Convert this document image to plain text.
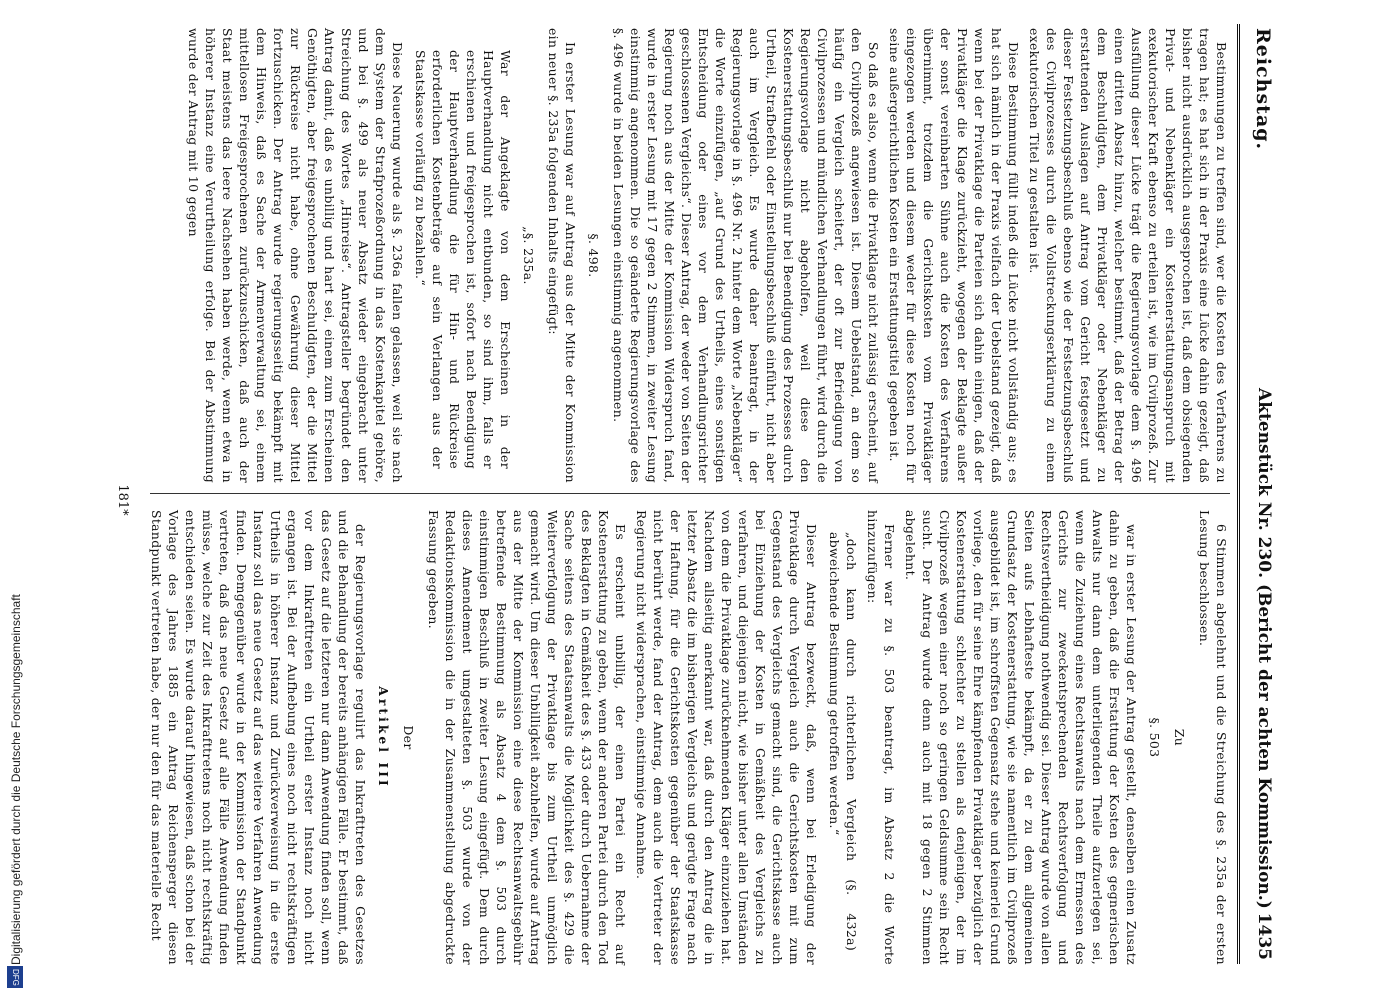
Reichstag.
Aktenstück Nr. 230. (Bericht der achten Kommission.)
1435

Bestimmungen zu treffen sind, wer die Kosten des Verfahrens zu tragen hat; es hat sich in der Praxis eine Lücke dahin gezeigt, daß bisher nicht ausdrücklich ausgesprochen ist, daß dem obsiegenden Privat- und Nebenkläger ein Kostenerstattungsanspruch mit exekutorischer Kraft ebenso zu erteilen ist, wie im Civilprozeß. Zur Ausfüllung dieser Lücke trägt die Regierungsvorlage dem §. 496 einen dritten Absatz hinzu, welcher bestimmt, daß der Betrag der dem Beschuldigten, dem Privatkläger oder Nebenkläger zu erstattenden Auslagen auf Antrag vom Gericht festgesetzt und dieser Festsetzungsbeschluß ebenso wie der Festsetzungsbeschluß des Civilprozesses durch die Vollstreckungserklärung zu einem exekutorischen Titel zu gestalten ist.

Diese Bestimmung füllt indeß die Lücke nicht vollständig aus; es hat sich nämlich in der Praxis vielfach der Uebelstand gezeigt, daß wenn bei der Privatklage die Parteien sich dahin einigen, daß der Privatkläger die Klage zurückzieht, wogegen der Beklagte außer der sonst vereinbarten Sühne auch die Kosten des Verfahrens übernimmt, trotzdem die Gerichtskosten vom Privatkläger eingezogen werden und diesem weder für diese Kosten noch für seine außergerichtlichen Kosten ein Erstattungstitel gegeben ist.

So daß es also, wenn die Privatklage nicht zulässig erscheint, auf den Civilprozeß angewiesen ist. Diesem Uebelstand, an dem so häufig ein Vergleich scheitert, der oft zur Befriedigung von Civilprozessen und mündlichen Verhandlungen führt, wird durch die Regierungsvorlage nicht abgeholfen, weil diese den Kostenerstattungsbeschluß nur bei Beendigung des Prozesses durch Urtheil, Strafbefehl oder Einstellungsbeschluß einführt, nicht aber auch im Vergleich. Es wurde daher beantragt, in der Regierungsvorlage in §. 496 Nr. 2 hinter dem Worte „Nebenkläger“ die Worte einzufügen, „auf Grund des Urtheils, eines sonstigen Entscheidung oder eines vor dem Verhandlungsrichter geschlossenen Vergleichs“. Dieser Antrag, der weder von Seiten der Regierung noch aus der Mitte der Kommission Widerspruch fand, wurde in erster Lesung mit 17 gegen 2 Stimmen, in zweiter Lesung einstimmig angenommen. Die so geänderte Regierungsvorlage des §. 496 wurde in beiden Lesungen einstimmig angenommen.

§. 498.

In erster Lesung war auf Antrag aus der Mitte der Kommission ein neuer §. 235a folgenden Inhalts eingefügt:

„§. 235a.

War der Angeklagte von dem Erscheinen in der Hauptverhandlung nicht entbunden, so sind ihm, falls er erschienen und freigesprochen ist, sofort nach Beendigung der Hauptverhandlung die für Hin- und Rückreise erforderlichen Kostenbeträge auf sein Verlangen aus der Staatskasse vorläufig zu bezahlen.“

Diese Neuerung wurde als §. 236a fallen gelassen, weil sie nach dem System der Strafprozeßordnung in das Kostenkapitel gehöre, und bei §. 499 als neuer Absatz wieder eingebracht unter Streichung des Wortes „Hinreise“. Antragsteller begründet den Antrag damit, daß es unbillig und hart sei, einem zum Erscheinen Genöthigten, aber freigesprochenen Beschuldigten, der die Mittel zur Rückreise nicht habe, ohne Gewährung dieser Mittel fortzuschicken. Der Antrag wurde regierungsseitig bekämpft mit dem Hinweis, daß es Sache der Armenverwaltung sei, einem mittellosen Freigesprochenen zurückzuschicken, daß auch der Staat meistens das leere Nachsehen haben werde, wenn etwa in höherer Instanz eine Verurtheilung erfolge. Bei der Abstimmung wurde der Antrag mit 10 gegen

6 Stimmen abgelehnt und die Streichung des §. 235a der ersten Lesung beschlossen.

Zu

§. 503

war in erster Lesung der Antrag gestellt, denselben einen Zusatz dahin zu geben, daß die Erstattung der Kosten des gegnerischen Anwalts nur dann dem unterliegenden Theile aufzuerlegen sei, wenn die Zuziehung eines Rechtsanwalts nach dem Ermessen des Gerichts zur zweckentsprechenden Rechtsverfolgung und Rechtsvertheidigung nothwendig sei. Dieser Antrag wurde von allen Seiten aufs Lebhafteste bekämpft, da er zu dem allgemeinen Grundsatz der Kostenerstattung, wie sie namentlich im Civilprozeß ausgebildet ist, im schroffsten Gegensatz stehe und keinerlei Grund vorliege, den für seine Ehre kämpfenden Privatkläger bezüglich der Kostenerstattung schlechter zu stellen als denjenigen, der im Civilprozeß wegen einer noch so geringen Geldsumme sein Recht sucht. Der Antrag wurde denn auch mit 18 gegen 2 Stimmen abgelehnt.

Ferner war zu §. 503 beantragt, im Absatz 2 die Worte hinzuzufügen:

„doch kann durch richterlichen Vergleich (§. 432a) abweichende Bestimmung getroffen werden.“

Dieser Antrag bezweckt, daß, wenn bei Erledigung der Privatklage durch Vergleich auch die Gerichtskosten mit zum Gegenstand des Vergleichs gemacht sind, die Gerichtskasse auch bei Einziehung der Kosten in Gemäßheit des Vergleichs zu verfahren, und diejenigen nicht, wie bisher unter allen Umständen von dem die Privatklage zurücknehmenden Kläger einzuziehen hat. Nachdem allseitig anerkannt war, daß durch den Antrag die in letzter Absatz die im bisherigen Vergleichs und gerügte Frage nach der Haftung, für die Gerichtskosten gegenüber der Staatskasse nicht berührt werde, fand der Antrag, dem auch die Vertreter der Regierung nicht widersprachen, einstimmige Annahme.

Es erscheint unbillig, der einen Partei ein Recht auf Kostenerstattung zu geben, wenn der anderen Partei durch den Tod des Beklagten in Gemäßheit des §. 433 oder durch Uebernahme der Sache seitens des Staatsanwalts die Möglichkeit des §. 429 die Weiterverfolgung der Privatklage bis zum Urtheil unmöglich gemacht wird. Um dieser Unbilligkeit abzuhelfen, wurde auf Antrag aus der Mitte der Kommission eine diese Rechtsanwaltsgebühr betreffende Bestimmung als Absatz 4 dem §. 503 durch einstimmigen Beschluß in zweiter Lesung eingefügt. Dem durch dieses Amendement umgestalteten §. 503 wurde von der Redaktionskommission die in der Zusammenstellung abgedruckte Fassung gegeben.

Der

Artikel III

der Regierungsvorlage regulirt das Inkrafttreten des Gesetzes und die Behandlung der bereits anhängigen Fälle. Er bestimmt, daß das Gesetz auf die letzteren nur dann Anwendung finden soll, wenn vor dem Inkrafttreten ein Urtheil erster Instanz noch nicht ergangen ist. Bei der Aufhebung eines noch nicht rechtskräftigen Urtheils in höherer Instanz und Zurückverweisung in die erste Instanz soll das neue Gesetz auf das weitere Verfahren Anwendung finden. Demgegenüber wurde in der Kommission der Standpunkt vertreten, daß das neue Gesetz auf alle Fälle Anwendung finden müsse, welche zur Zeit des Inkrafttretens noch nicht rechtskräftig entschieden seien. Es wurde darauf hingewiesen, daß schon bei der Vorlage des Jahres 1885 ein Antrag Reichensperger diesen Standpunkt vertreten habe, der nur den für das materielle Recht

181*
Digitalisierung gefördert durch die Deutsche Forschungsgemeinschaft
DFG
